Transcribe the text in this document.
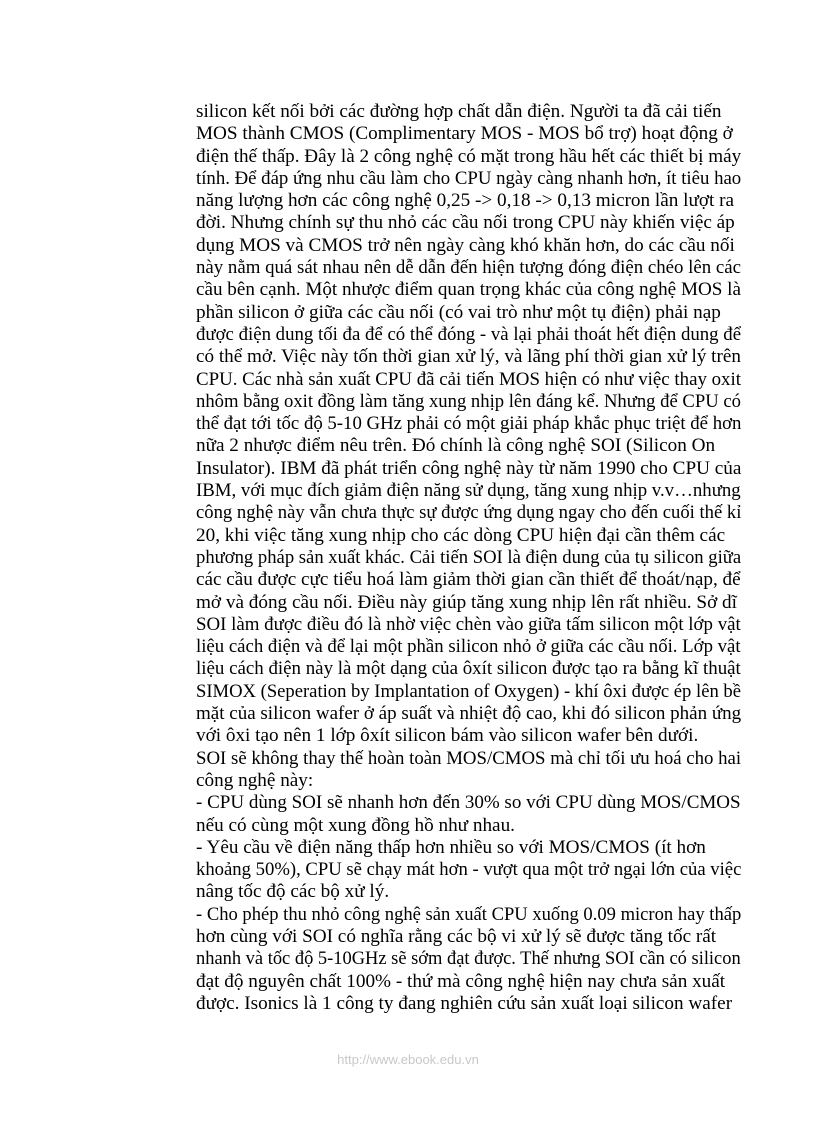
silicon kết nối bởi các đường hợp chất dẫn điện. Người ta đã cải tiến
MOS thành CMOS (Complimentary MOS - MOS bổ trợ) hoạt động ở
điện thế thấp. Đây là 2 công nghệ có mặt trong hầu hết các thiết bị máytính. Để đáp ứng nhu cầu làm cho CPU ngày càng nhanh hơn, ít tiêu hao
năng lượng hơn các công nghệ 0,25 -> 0,18 -> 0,13 micron lần lượt ra
đời. Nhưng chính sự thu nhỏ các cầu nối trong CPU này khiến việc áp
dụng MOS và CMOS trở nên ngày càng khó khăn hơn, do các cầu nối
này nằm quá sát nhau nên dễ dẫn đến hiện tượng đóng điện chéo lên cáccầu bên cạnh. Một nhược điểm quan trọng khác của công nghệ MOS là
phần silicon ở giữa các cầu nối (có vai trò như một tụ điện) phải nạp
được điện dung tối đa để có thể đóng - và lại phải thoát hết điện dung đểcó thể mở. Việc này tốn thời gian xử lý, và lãng phí thời gian xử lý trênCPU. Các nhà sản xuất CPU đã cải tiến MOS hiện có như việc thay oxitnhôm bằng oxit đồng làm tăng xung nhịp lên đáng kể. Nhưng để CPU cóthể đạt tới tốc độ 5-10 GHz phải có một giải pháp khắc phục triệt để hơn
nữa 2 nhược điểm nêu trên. Đó chính là công nghệ SOI (Silicon On
Insulator). IBM đã phát triển công nghệ này từ năm 1990 cho CPU của
IBM, với mục đích giảm điện năng sử dụng, tăng xung nhịp v.v…nhưngcông nghệ này vẫn chưa thực sự được ứng dụng ngay cho đến cuối thế kỉ
20, khi việc tăng xung nhịp cho các dòng CPU hiện đại cần thêm các
phương pháp sản xuất khác. Cải tiến SOI là điện dung của tụ silicon giữacác cầu được cực tiểu hoá làm giảm thời gian cần thiết để thoát/nạp, để
mở và đóng cầu nối. Điều này giúp tăng xung nhịp lên rất nhiều. Sở dĩ
SOI làm được điều đó là nhờ việc chèn vào giữa tấm silicon một lớp vậtliệu cách điện và để lại một phần silicon nhỏ ở giữa các cầu nối. Lớp vậtliệu cách điện này là một dạng của ôxít silicon được tạo ra bằng kĩ thuậtSIMOX (Seperation by Implantation of Oxygen) - khí ôxi được ép lên bềmặt của silicon wafer ở áp suất và nhiệt độ cao, khi đó silicon phản ứng
với ôxi tạo nên 1 lớp ôxít silicon bám vào silicon wafer bên dưới.
SOI sẽ không thay thế hoàn toàn MOS/CMOS mà chỉ tối ưu hoá cho hai
công nghệ này:
- CPU dùng SOI sẽ nhanh hơn đến 30% so với CPU dùng MOS/CMOS
nếu có cùng một xung đồng hồ như nhau.
- Yêu cầu về điện năng thấp hơn nhiều so với MOS/CMOS (ít hơn
khoảng 50%), CPU sẽ chạy mát hơn - vượt qua một trở ngại lớn của việc
nâng tốc độ các bộ xử lý.
- Cho phép thu nhỏ công nghệ sản xuất CPU xuống 0.09 micron hay thấp
hơn cùng với SOI có nghĩa rằng các bộ vi xử lý sẽ được tăng tốc rất
nhanh và tốc độ 5-10GHz sẽ sớm đạt được. Thế nhưng SOI cần có silicon
đạt độ nguyên chất 100% - thứ mà công nghệ hiện nay chưa sản xuất
được. Isonics là 1 công ty đang nghiên cứu sản xuất loại silicon wafer
http://www.ebook.edu.vn
